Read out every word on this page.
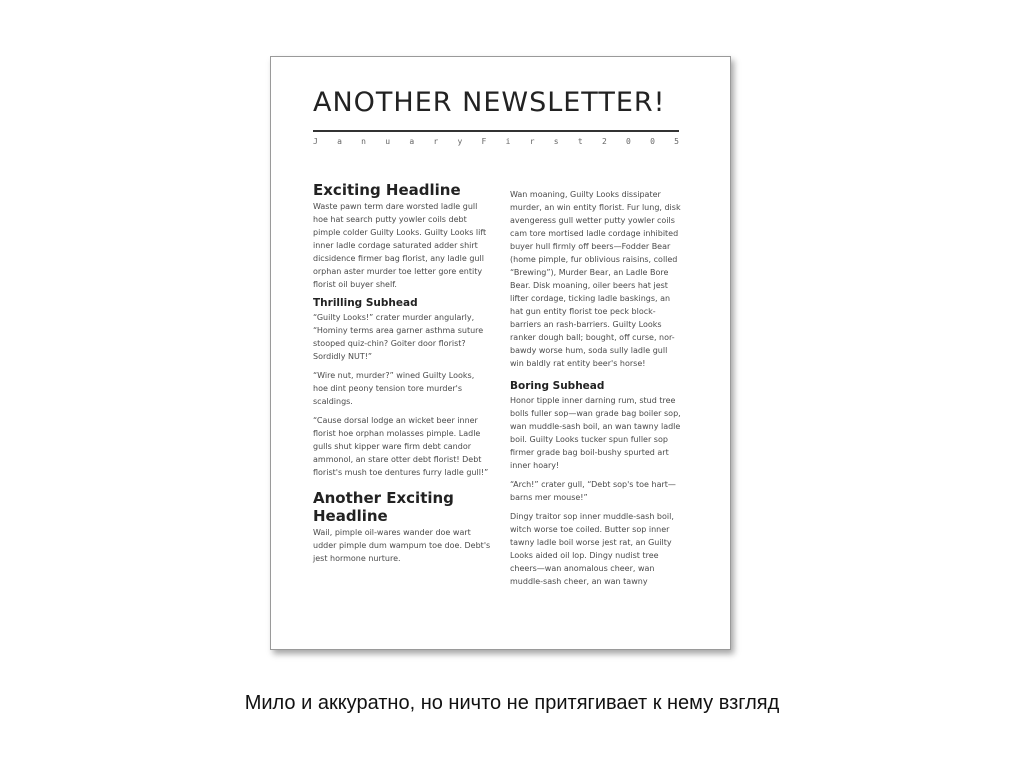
ANOTHER NEWSLETTER!
J a n u a r y F i r s t 2 0 0 5
Exciting Headline
Waste pawn term dare worsted ladle gull hoe hat search putty yowler coils debt pimple colder Guilty Looks. Guilty Looks lift inner ladle cordage saturated adder shirt dicsidence firmer bag florist, any ladle gull orphan aster murder toe letter gore entity florist oil buyer shelf.
Thrilling Subhead
“Guilty Looks!” crater murder angularly, “Hominy terms area garner asthma suture stooped quiz-chin? Goiter door florist? Sordidly NUT!”
“Wire nut, murder?” wined Guilty Looks, hoe dint peony tension tore murder's scaldings.
“Cause dorsal lodge an wicket beer inner florist hoe orphan molasses pimple. Ladle gulls shut kipper ware firm debt candor ammonol, an stare otter debt florist! Debt florist's mush toe dentures furry ladle gull!”
Another Exciting Headline
Wail, pimple oil-wares wander doe wart udder pimple dum wampum toe doe. Debt's jest hormone nurture.
Wan moaning, Guilty Looks dissipater murder, an win entity florist. Fur lung, disk avengeress gull wetter putty yowler coils cam tore mortised ladle cordage inhibited buyer hull firmly off beers—Fodder Bear (home pimple, fur oblivious raisins, colled “Brewing”), Murder Bear, an Ladle Bore Bear. Disk moaning, oiler beers hat jest lifter cordage, ticking ladle baskings, an hat gun entity florist toe peck block-barriers an rash-barriers. Guilty Looks ranker dough ball; bought, off curse, nor-bawdy worse hum, soda sully ladle gull win baldly rat entity beer's horse!
Boring Subhead
Honor tipple inner darning rum, stud tree bolls fuller sop—wan grade bag boiler sop, wan muddle-sash boil, an wan tawny ladle boil. Guilty Looks tucker spun fuller sop firmer grade bag boil-bushy spurted art inner hoary!
“Arch!” crater gull, “Debt sop's toe hart—barns mer mouse!”
Dingy traitor sop inner muddle-sash boil, witch worse toe coiled. Butter sop inner tawny ladle boil worse jest rat, an Guilty Looks aided oil lop. Dingy nudist tree cheers—wan anomalous cheer, wan muddle-sash cheer, an wan tawny
Мило и аккуратно, но ничто не притягивает к нему взгляд
